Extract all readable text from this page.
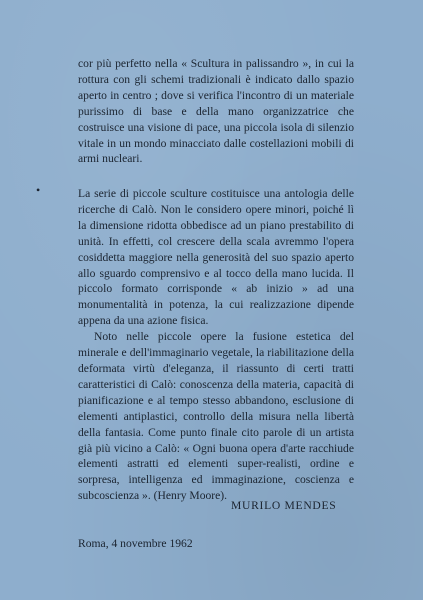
cor più perfetto nella « Scultura in palissandro », in cui la rottura con gli schemi tradizionali è indicato dallo spazio aperto in centro ; dove si verifica l'incontro di un materiale purissimo di base e della mano organizzatrice che costruisce una visione di pace, una piccola isola di silenzio vitale in un mondo minacciato dalle costellazioni mobili di armi nucleari.

•	La serie di piccole sculture costituisce una antologia delle ricerche di Calò. Non le considero opere minori, poiché lì la dimensione ridotta obbedisce ad un piano prestabilito di unità. In effetti, col crescere della scala avremmo l'opera cosiddetta maggiore nella generosità del suo spazio aperto allo sguardo comprensivo e al tocco della mano lucida. Il piccolo formato corrisponde « ab inizio » ad una monumentalità in potenza, la cui realizzazione dipende appena da una azione fisica.

Noto nelle piccole opere la fusione estetica del minerale e dell'immaginario vegetale, la riabilitazione della deformata virtù d'eleganza, il riassunto di certi tratti caratteristici di Calò: conoscenza della materia, capacità di pianificazione e al tempo stesso abbandono, esclusione di elementi antiplastici, controllo della misura nella libertà della fantasia. Come punto finale cito parole di un artista già più vicino a Calò: « Ogni buona opera d'arte racchiude elementi astratti ed elementi super-realisti, ordine e sorpresa, intelligenza ed immaginazione, coscienza e subcoscienza ». (Henry Moore).

MURILO MENDES
Roma, 4 novembre 1962
